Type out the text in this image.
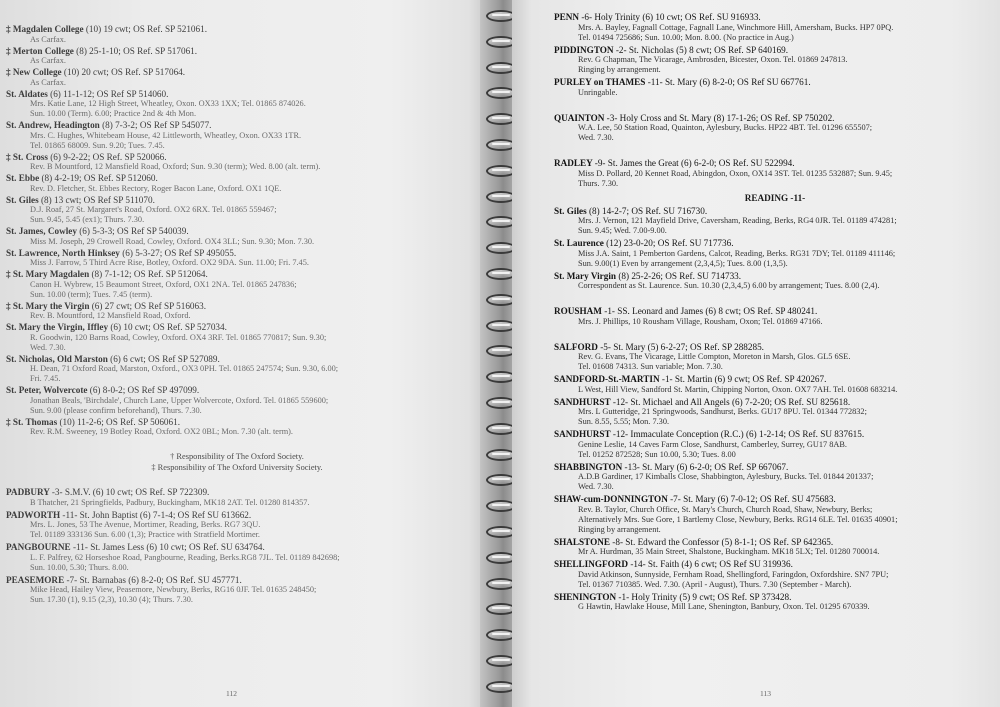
‡ Magdalen College (10) 19 cwt; OS Ref. SP 521061.
As Carfax.
‡ Merton College (8) 25-1-10; OS Ref. SP 517061.
As Carfax.
‡ New College (10) 20 cwt; OS Ref. SP 517064.
As Carfax.
St. Aldates (6) 11-1-12; OS Ref SP 514060.
Mrs. Katie Lane, 12 High Street, Wheatley, Oxon. OX33 1XX; Tel. 01865 874026.
Sun. 10.00 (Term). 6.00; Practice 2nd & 4th Mon.
St. Andrew, Headington (8) 7-3-2; OS Ref SP 545077.
Mrs. C. Hughes, Whitebeam House, 42 Littleworth, Wheatley, Oxon. OX33 1TR.
Tel. 01865 68009. Sun. 9.20; Tues. 7.45.
‡ St. Cross (6) 9-2-22; OS Ref. SP 520066.
Rev. B Mountford, 12 Mansfield Road, Oxford; Sun. 9.30 (term); Wed. 8.00 (alt. term).
St. Ebbe (8) 4-2-19; OS Ref. SP 512060.
Rev. D. Fletcher, St. Ebbes Rectory, Roger Bacon Lane, Oxford. OX1 1QE.
St. Giles (8) 13 cwt; OS Ref SP 511070.
D.J. Roaf, 27 St. Margaret's Road, Oxford. OX2 6RX. Tel. 01865 559467;
Sun. 9.45, 5.45 (ex1); Thurs. 7.30.
St. James, Cowley (6) 5-3-3; OS Ref SP 540039.
Miss M. Joseph, 29 Crowell Road, Cowley, Oxford. OX4 3LL; Sun. 9.30; Mon. 7.30.
St. Lawrence, North Hinksey (6) 5-3-27; OS Ref SP 495055.
Miss J. Farrow, 5 Third Acre Rise, Botley, Oxford. OX2 9DA. Sun. 11.00; Fri. 7.45.
‡ St. Mary Magdalen (8) 7-1-12; OS Ref. SP 512064.
Canon H. Wybrew, 15 Beaumont Street, Oxford, OX1 2NA. Tel. 01865 247836;
Sun. 10.00 (term); Tues. 7.45 (term).
‡ St. Mary the Virgin (6) 27 cwt; OS Ref SP 516063.
Rev. B. Mountford, 12 Mansfield Road, Oxford.
St. Mary the Virgin, Iffley (6) 10 cwt; OS Ref. SP 527034.
R. Goodwin, 120 Barns Road, Cowley, Oxford. OX4 3RF. Tel. 01865 770817; Sun. 9.30;
Wed. 7.30.
St. Nicholas, Old Marston (6) 6 cwt; OS Ref SP 527089.
H. Dean, 71 Oxford Road, Marston, Oxford., OX3 0PH. Tel. 01865 247574; Sun. 9.30, 6.00;
Fri. 7.45.
St. Peter, Wolvercote (6) 8-0-2; OS Ref SP 497099.
Jonathan Beals, 'Birchdale', Church Lane, Upper Wolvercote, Oxford. Tel. 01865 559600;
Sun. 9.00 (please confirm beforehand), Thurs. 7.30.
‡ St. Thomas (10) 11-2-6; OS Ref. SP 506061.
Rev. R.M. Sweeney, 19 Botley Road, Oxford. OX2 0BL; Mon. 7.30 (alt. term).
† Responsibility of The Oxford Society.
‡ Responsibility of The Oxford University Society.
PADBURY -3- S.M.V. (6) 10 cwt; OS Ref. SP 722309.
B Thatcher, 21 Springfields, Padbury, Buckingham, MK18 2AT. Tel. 01280 814357.
PADWORTH -11- St. John Baptist (6) 7-1-4; OS Ref SU 613662.
Mrs. L. Jones, 53 The Avenue, Mortimer, Reading, Berks. RG7 3QU.
Tel. 01189 333136 Sun. 6.00 (1,3); Practice with Stratfield Mortimer.
PANGBOURNE -11- St. James Less (6) 10 cwt; OS Ref. SU 634764.
L. F. Palfrey, 62 Horseshoe Road, Pangbourne, Reading, Berks.RG8 7JL. Tel. 01189 842698;
Sun. 10.00, 5.30; Thurs. 8.00.
PEASEMORE -7- St. Barnabas (6) 8-2-0; OS Ref. SU 457771.
Mike Head, Hailey View, Peasemore, Newbury, Berks, RG16 0JF. Tel. 01635 248450;
Sun. 17.30 (1), 9.15 (2,3), 10.30 (4); Thurs. 7.30.
112
PENN -6- Holy Trinity (6) 10 cwt; OS Ref. SU 916933.
Mrs. A. Bayley, Fagnall Cottage, Fagnall Lane, Winchmore Hill, Amersham, Bucks. HP7 0PQ.
Tel. 01494 725686; Sun. 10.00; Mon. 8.00. (No practice in Aug.)
PIDDINGTON -2- St. Nicholas (5) 8 cwt; OS Ref. SP 640169.
Rev. G Chapman, The Vicarage, Ambrosden, Bicester, Oxon. Tel. 01869 247813.
Ringing by arrangement.
PURLEY on THAMES -11- St. Mary (6) 8-2-0; OS Ref SU 667761.
Unringable.
QUAINTON -3- Holy Cross and St. Mary (8) 17-1-26; OS Ref. SP 750202.
W.A. Lee, 50 Station Road, Quainton, Aylesbury, Bucks. HP22 4BT. Tel. 01296 655507;
Wed. 7.30.
RADLEY -9- St. James the Great (6) 6-2-0; OS Ref. SU 522994.
Miss D. Pollard, 20 Kennet Road, Abingdon, Oxon, OX14 3ST. Tel. 01235 532887; Sun. 9.45;
Thurs. 7.30.
READING -11-
St. Giles (8) 14-2-7; OS Ref. SU 716730.
Mrs. J. Vernon, 121 Mayfield Drive, Caversham, Reading, Berks, RG4 0JR. Tel. 01189 474281;
Sun. 9.45; Wed. 7.00-9.00.
St. Laurence (12) 23-0-20; OS Ref. SU 717736.
Miss J.A. Saint, 1 Pemberton Gardens, Calcot, Reading, Berks. RG31 7DY; Tel. 01189 411146;
Sun. 9.00(1) Even by arrangement (2,3,4,5); Tues. 8.00 (1,3,5).
St. Mary Virgin (8) 25-2-26; OS Ref. SU 714733.
Correspondent as St. Laurence. Sun. 10.30 (2,3,4,5) 6.00 by arrangement; Tues. 8.00 (2,4).
ROUSHAM -1- SS. Leonard and James (6) 8 cwt; OS Ref. SP 480241.
Mrs. J. Phillips, 10 Rousham Village, Rousham, Oxon; Tel. 01869 47166.
SALFORD -5- St. Mary (5) 6-2-27; OS Ref. SP 288285.
Rev. G. Evans, The Vicarage, Little Compton, Moreton in Marsh, Glos. GL5 6SE.
Tel. 01608 74313. Sun variable; Mon. 7.30.
SANDFORD-St.-MARTIN -1- St. Martin (6) 9 cwt; OS Ref. SP 420267.
L West, Hill View, Sandford St. Martin, Chipping Norton, Oxon. OX7 7AH. Tel. 01608 683214.
SANDHURST -12- St. Michael and All Angels (6) 7-2-20; OS Ref. SU 825618.
Mrs. L Gutteridge, 21 Springwoods, Sandhurst, Berks. GU17 8PU. Tel. 01344 772832;
Sun. 8.55, 5.55; Mon. 7.30.
SANDHURST -12- Immaculate Conception (R.C.) (6) 1-2-14; OS Ref. SU 837615.
Genine Leslie, 14 Caves Farm Close, Sandhurst, Camberley, Surrey, GU17 8AB.
Tel. 01252 872528; Sun 10.00, 5.30; Tues. 8.00
SHABBINGTON -13- St. Mary (6) 6-2-0; OS Ref. SP 667067.
A.D.B Gardiner, 17 Kimballs Close, Shabbington, Aylesbury, Bucks. Tel. 01844 201337;
Wed. 7.30.
SHAW-cum-DONNINGTON -7- St. Mary (6) 7-0-12; OS Ref. SU 475683.
Rev. B. Taylor, Church Office, St. Mary's Church, Church Road, Shaw, Newbury, Berks;
Alternatively Mrs. Sue Gore, 1 Bartlemy Close, Newbury, Berks. RG14 6LE. Tel. 01635 40901;
Ringing by arrangement.
SHALSTONE -8- St. Edward the Confessor (5) 8-1-1; OS Ref. SP 642365.
Mr A. Hurdman, 35 Main Street, Shalstone, Buckingham. MK18 5LX; Tel. 01280 700014.
SHELLINGFORD -14- St. Faith (4) 6 cwt; OS Ref SU 319936.
David Atkinson, Sunnyside, Fernham Road, Shellingford, Faringdon, Oxfordshire. SN7 7PU;
Tel. 01367 710385. Wed. 7.30. (April - August), Thurs. 7.30 (September - March).
SHENINGTON -1- Holy Trinity (5) 9 cwt; OS Ref. SP 373428.
G Hawtin, Hawlake House, Mill Lane, Shenington, Banbury, Oxon. Tel. 01295 670339.
113
